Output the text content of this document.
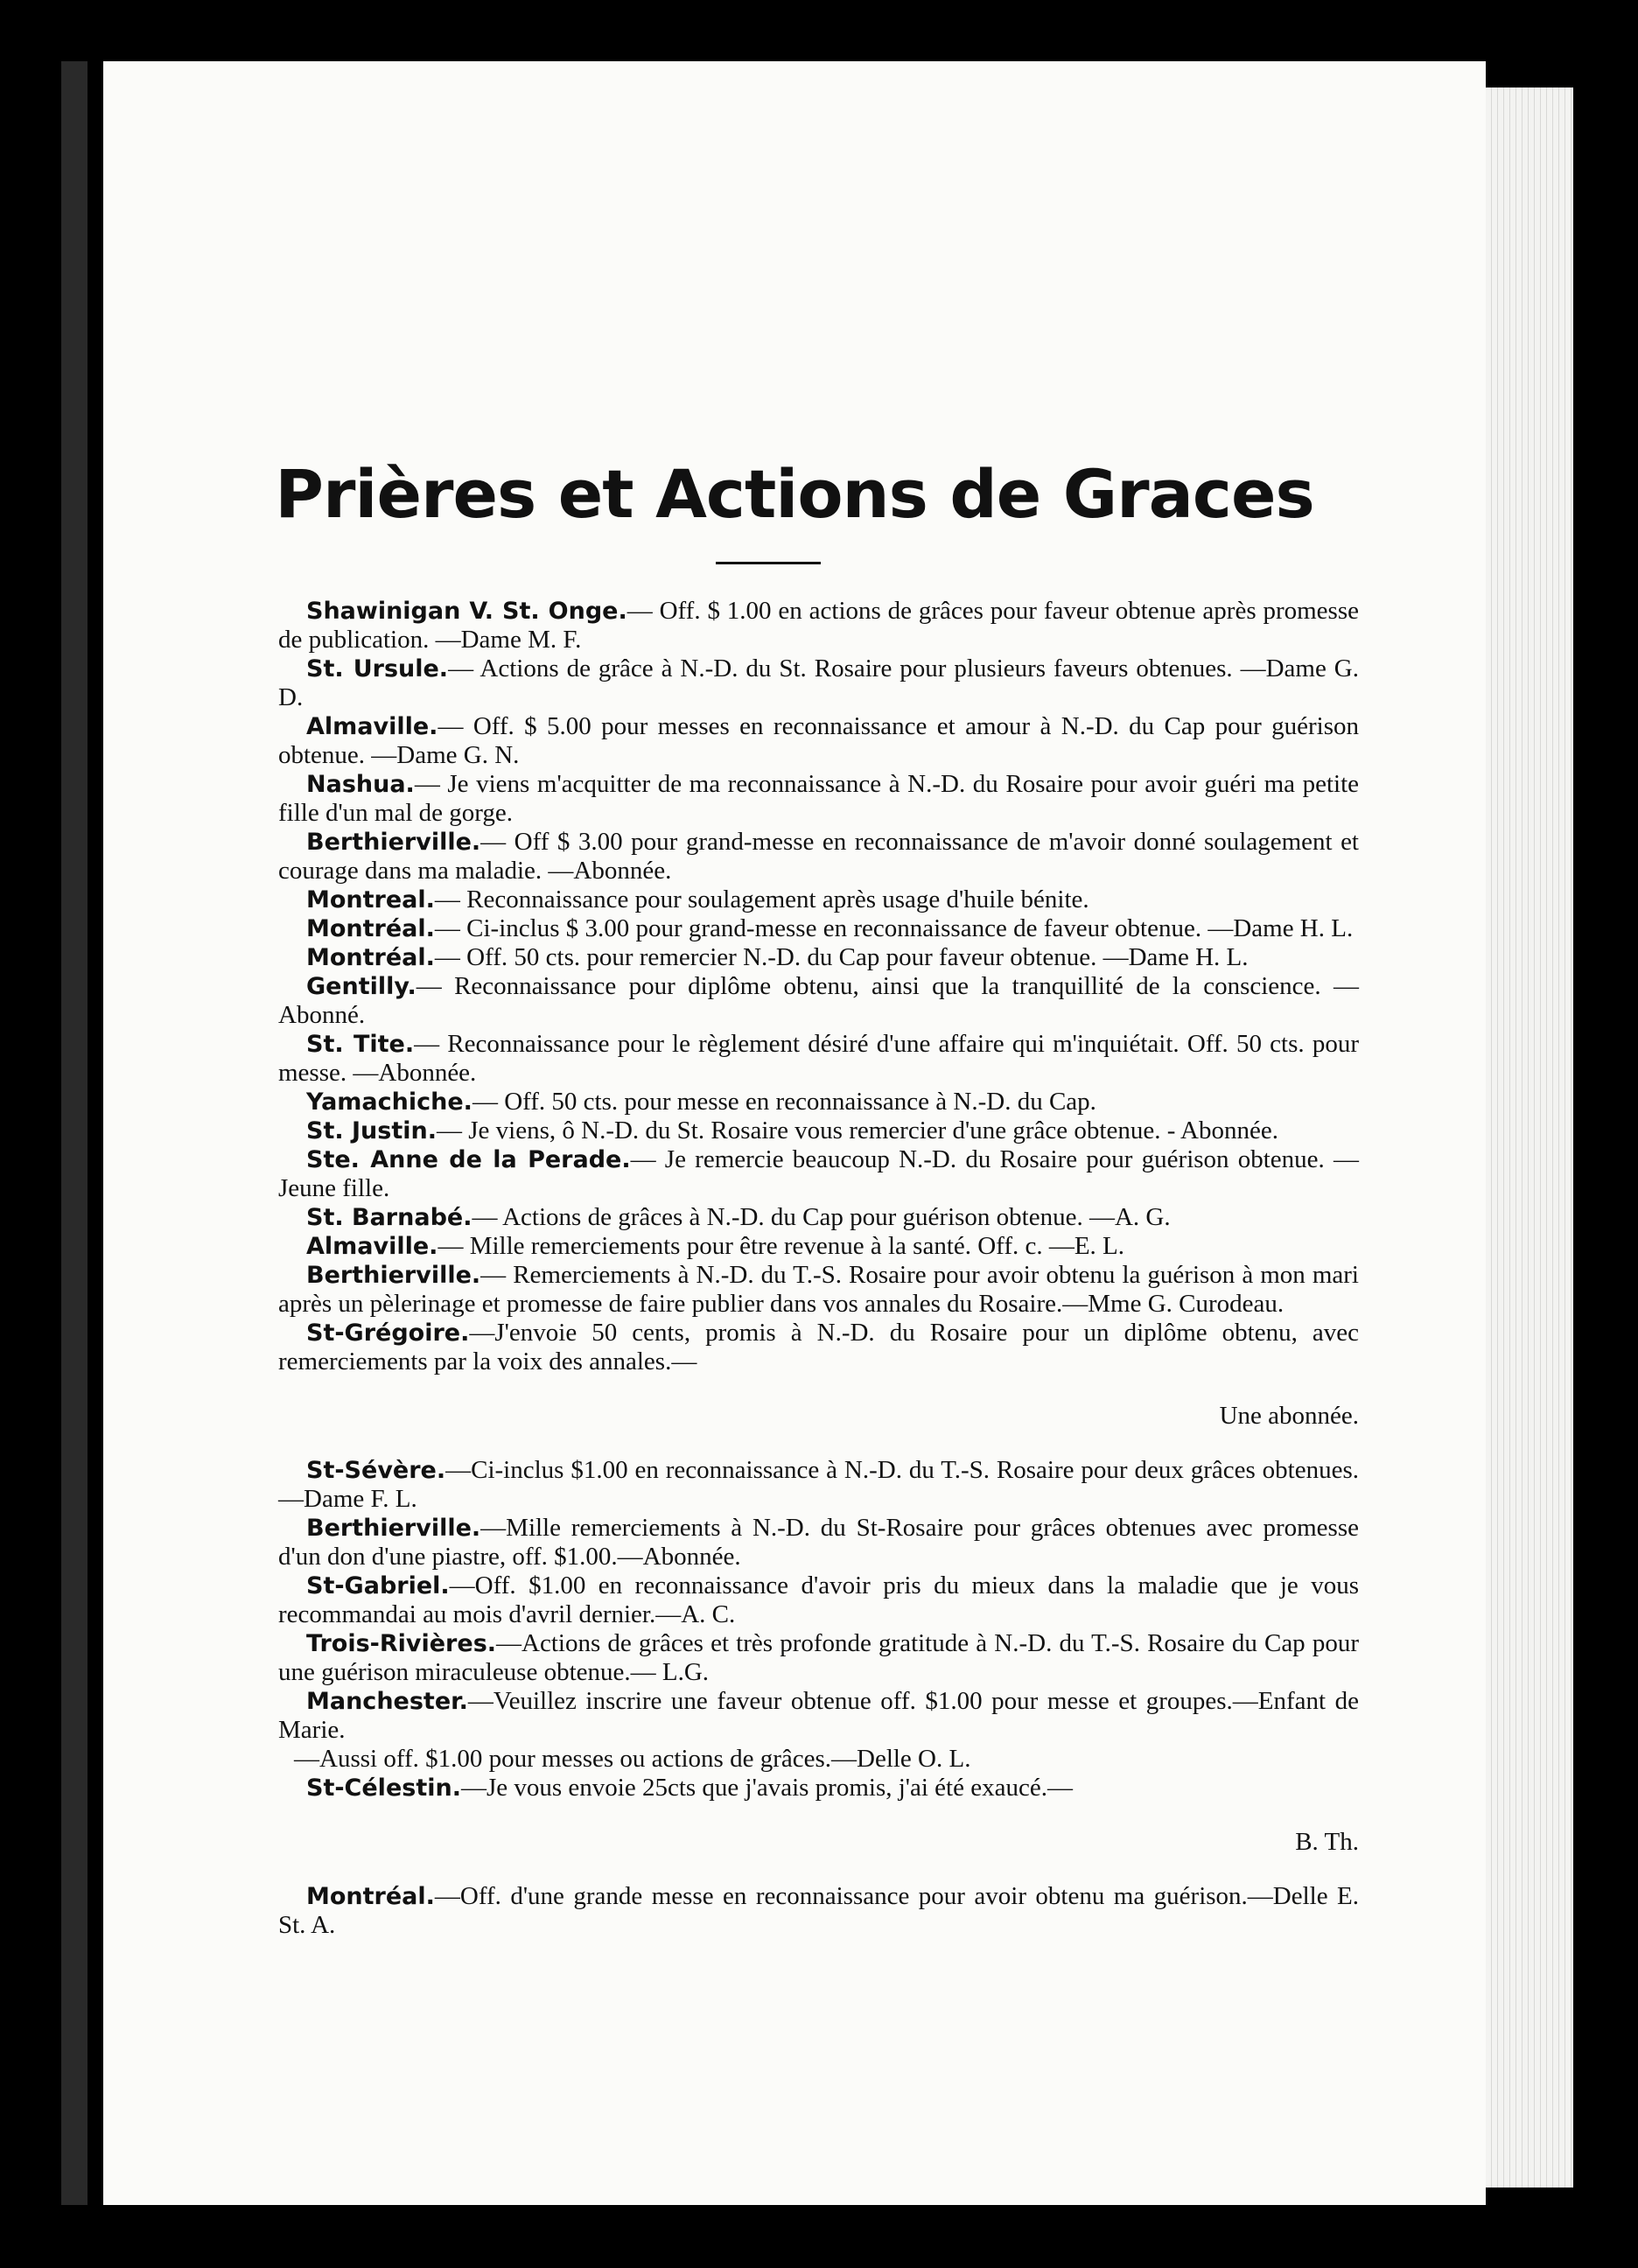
Prières et Actions de Graces

Shawinigan V. St. Onge.— Off. $ 1.00 en actions de grâces pour faveur obtenue après promesse de publication. —Dame M. F.

St. Ursule.— Actions de grâce à N.-D. du St. Rosaire pour plusieurs faveurs obtenues. —Dame G. D.

Almaville.— Off. $ 5.00 pour messes en reconnaissance et amour à N.-D. du Cap pour guérison obtenue. —Dame G. N.

Nashua.— Je viens m'acquitter de ma reconnaissance à N.-D. du Rosaire pour avoir guéri ma petite fille d'un mal de gorge.

Berthierville.— Off $ 3.00 pour grand-messe en reconnaissance de m'avoir donné soulagement et courage dans ma maladie. —Abonnée.

Montreal.— Reconnaissance pour soulagement après usage d'huile bénite.

Montréal.— Ci-inclus $ 3.00 pour grand-messe en reconnaissance de faveur obtenue. —Dame H. L.

Montréal.— Off. 50 cts. pour remercier N.-D. du Cap pour faveur obtenue. —Dame H. L.

Gentilly.— Reconnaissance pour diplôme obtenu, ainsi que la tranquillité de la conscience. —Abonné.

St. Tite.— Reconnaissance pour le règlement désiré d'une affaire qui m'inquiétait. Off. 50 cts. pour messe. —Abonnée.

Yamachiche.— Off. 50 cts. pour messe en reconnaissance à N.-D. du Cap.

St. Justin.— Je viens, ô N.-D. du St. Rosaire vous remercier d'une grâce obtenue. - Abonnée.

Ste. Anne de la Perade.— Je remercie beaucoup N.-D. du Rosaire pour guérison obtenue. —Jeune fille.

St. Barnabé.— Actions de grâces à N.-D. du Cap pour guérison obtenue. —A. G.

Almaville.— Mille remerciements pour être revenue à la santé. Off. c. —E. L.

Berthierville.— Remerciements à N.-D. du T.-S. Rosaire pour avoir obtenu la guérison à mon mari après un pèlerinage et promesse de faire publier dans vos annales du Rosaire.—Mme G. Curodeau.

St-Grégoire.—J'envoie 50 cents, promis à N.-D. du Rosaire pour un diplôme obtenu, avec remerciements par la voix des annales.—

Une abonnée.

St-Sévère.—Ci-inclus $1.00 en reconnaissance à N.-D. du T.-S. Rosaire pour deux grâces obtenues.—Dame F. L.

Berthierville.—Mille remerciements à N.-D. du St-Rosaire pour grâces obtenues avec promesse d'un don d'une piastre, off. $1.00.—Abonnée.

St-Gabriel.—Off. $1.00 en reconnaissance d'avoir pris du mieux dans la maladie que je vous recommandai au mois d'avril dernier.—A. C.

Trois-Rivières.—Actions de grâces et très profonde gratitude à N.-D. du T.-S. Rosaire du Cap pour une guérison miraculeuse obtenue.— L.G.

Manchester.—Veuillez inscrire une faveur obtenue off. $1.00 pour messe et groupes.—Enfant de Marie.

—Aussi off. $1.00 pour messes ou actions de grâces.—Delle O. L.

St-Célestin.—Je vous envoie 25cts que j'avais promis, j'ai été exaucé.—

B. Th.

Montréal.—Off. d'une grande messe en reconnaissance pour avoir obtenu ma guérison.—Delle E. St. A.
